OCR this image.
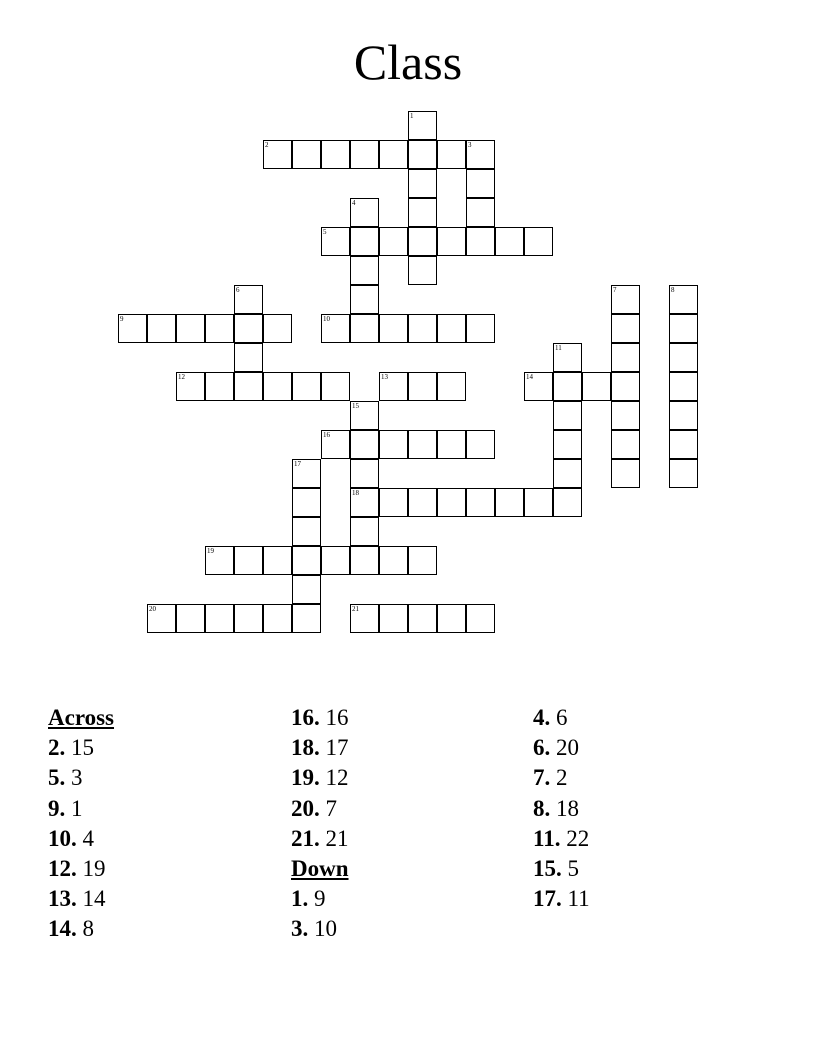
Class
2
5
9	10
12	13	14
16
18
19
20	21
1
3
4
6	7	8
11
15
17
Across
2. 15
5. 3
9. 1
10. 4
12. 19
13. 14
14. 8
16. 16
18. 17
19. 12
20. 7
21. 21
Down
1. 9
3. 10
4. 6
6. 20
7. 2
8. 18
11. 22
15. 5
17. 11
